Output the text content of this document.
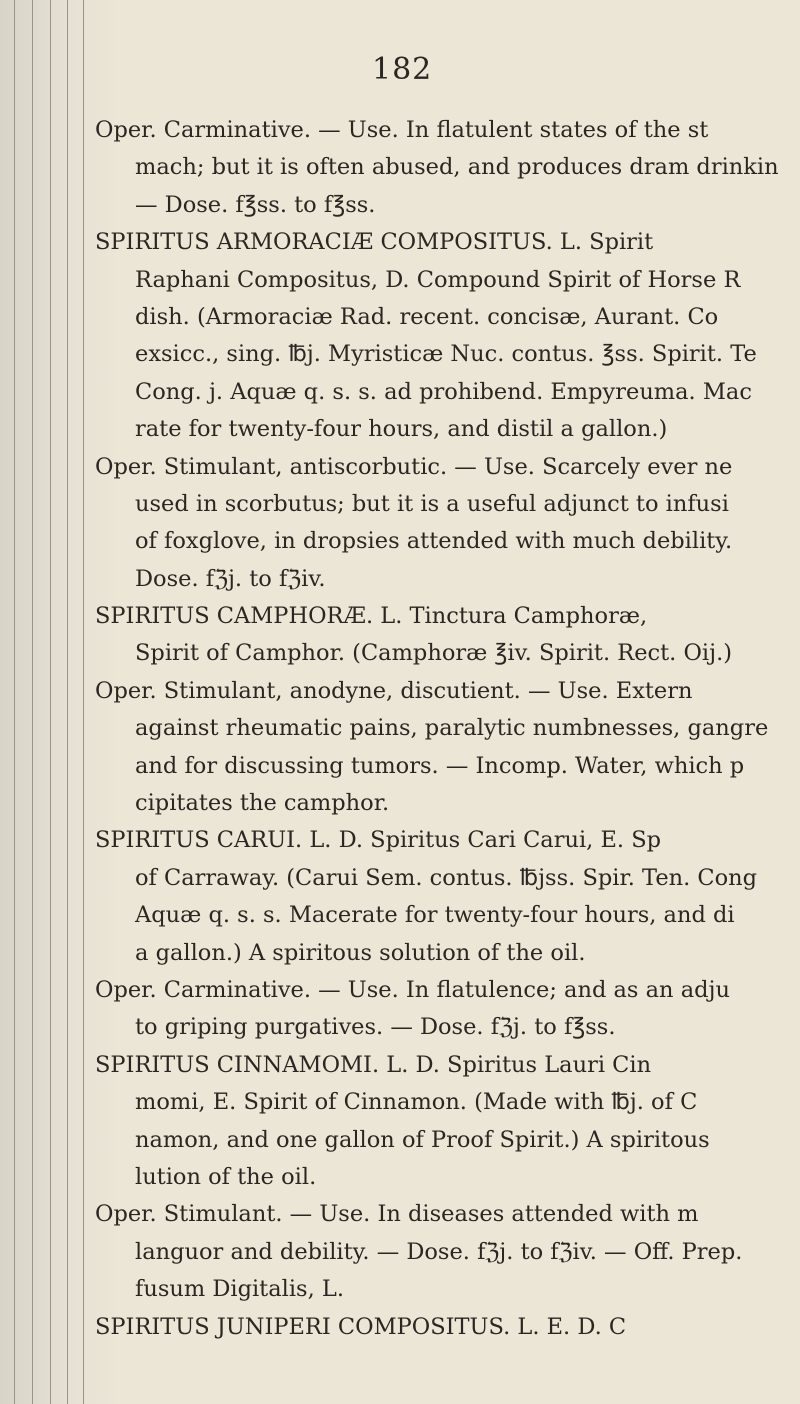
182
Oper. Carminative. — Use. In flatulent states of the st
mach; but it is often abused, and produces dram drinkin
— Dose. f℥ss. to f℥ss.
SPIRITUS ARMORACIÆ COMPOSITUS. L. Spirit
Raphani Compositus, D. Compound Spirit of Horse R
dish. (Armoraciæ Rad. recent. concisæ, Aurant. Co
exsicc., sing. ℔j. Myristicæ Nuc. contus. ℥ss. Spirit. Te
Cong. j. Aquæ q. s. s. ad prohibend. Empyreuma. Mac
rate for twenty-four hours, and distil a gallon.)
Oper. Stimulant, antiscorbutic. — Use. Scarcely ever ne
used in scorbutus; but it is a useful adjunct to infusi
of foxglove, in dropsies attended with much debility.
Dose. fℨj. to fℨiv.
SPIRITUS CAMPHORÆ. L. Tinctura Camphoræ,
Spirit of Camphor. (Camphoræ ℥iv. Spirit. Rect. Oij.)
Oper. Stimulant, anodyne, discutient. — Use. Extern
against rheumatic pains, paralytic numbnesses, gangre
and for discussing tumors. — Incomp. Water, which p
cipitates the camphor.
SPIRITUS CARUI. L. D. Spiritus Cari Carui, E. Sp
of Carraway. (Carui Sem. contus. ℔jss. Spir. Ten. Cong
Aquæ q. s. s. Macerate for twenty-four hours, and di
a gallon.) A spiritous solution of the oil.
Oper. Carminative. — Use. In flatulence; and as an adju
to griping purgatives. — Dose. fℨj. to f℥ss.
SPIRITUS CINNAMOMI. L. D. Spiritus Lauri Cin
momi, E. Spirit of Cinnamon. (Made with ℔j. of C
namon, and one gallon of Proof Spirit.) A spiritous
lution of the oil.
Oper. Stimulant. — Use. In diseases attended with m
languor and debility. — Dose. fℨj. to fℨiv. — Off. Prep.
fusum Digitalis, L.
SPIRITUS JUNIPERI COMPOSITUS. L. E. D. C
